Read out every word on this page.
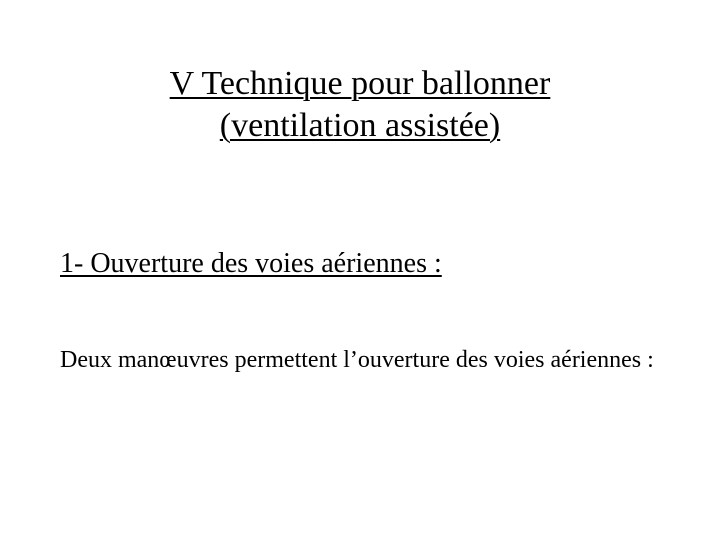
V Technique pour ballonner
(ventilation assistée)
1- Ouverture des voies aériennes :
Deux manœuvres permettent l’ouverture des voies aériennes :
